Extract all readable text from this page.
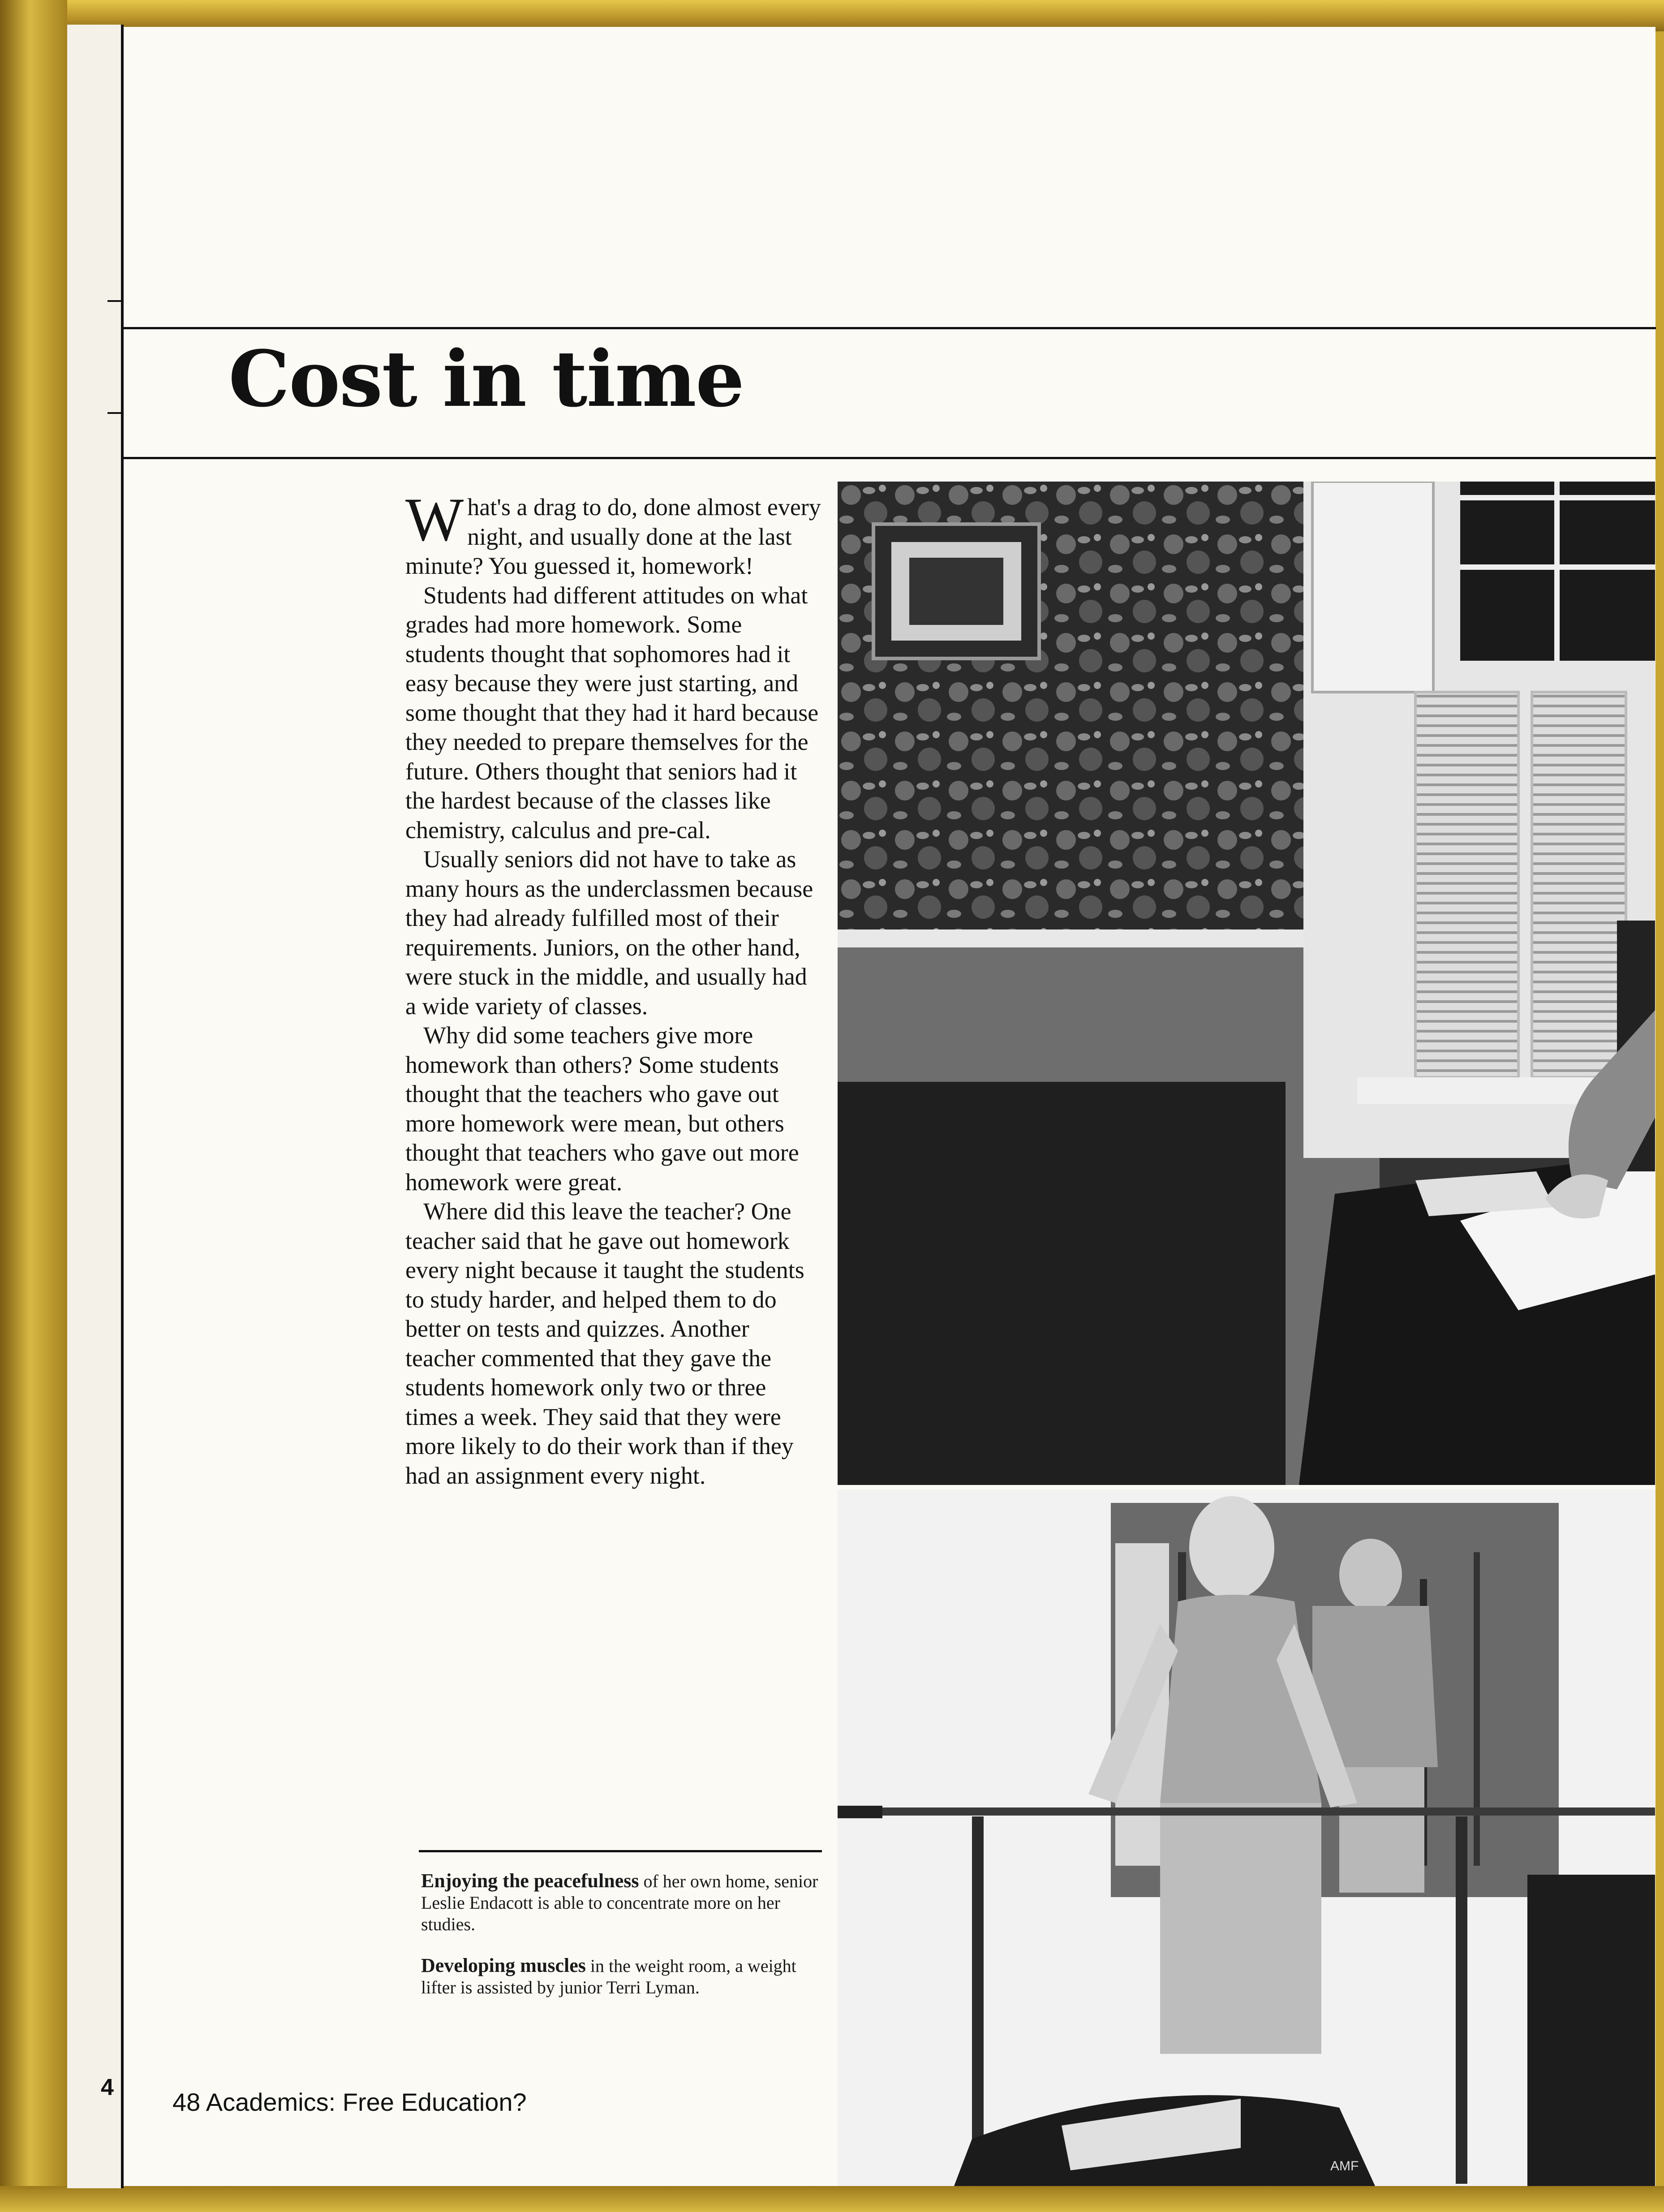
Cost in time

What's a drag to do, done almost every night, and usually done at the last minute? You guessed it, homework!

Students had different attitudes on what grades had more homework. Some students thought that sophomores had it easy because they were just starting, and some thought that they had it hard because they needed to prepare themselves for the future. Others thought that seniors had it the hardest because of the classes like chemistry, calculus and pre-cal.

Usually seniors did not have to take as many hours as the underclassmen because they had already fulfilled most of their requirements. Juniors, on the other hand, were stuck in the middle, and usually had a wide variety of classes.

Why did some teachers give more homework than others? Some students thought that the teachers who gave out more homework were mean, but others thought that teachers who gave out more homework were great.

Where did this leave the teacher? One teacher said that he gave out homework every night because it taught the students to study harder, and helped them to do better on tests and quizzes. Another teacher commented that they gave the students homework only two or three times a week. They said that they were more likely to do their work than if they had an assignment every night.

Enjoying the peacefulness of her own home, senior Leslie Endacott is able to concentrate more on her studies.

Developing muscles in the weight room, a weight lifter is assisted by junior Terri Lyman.

4
48 Academics: Free Education?
AMF
